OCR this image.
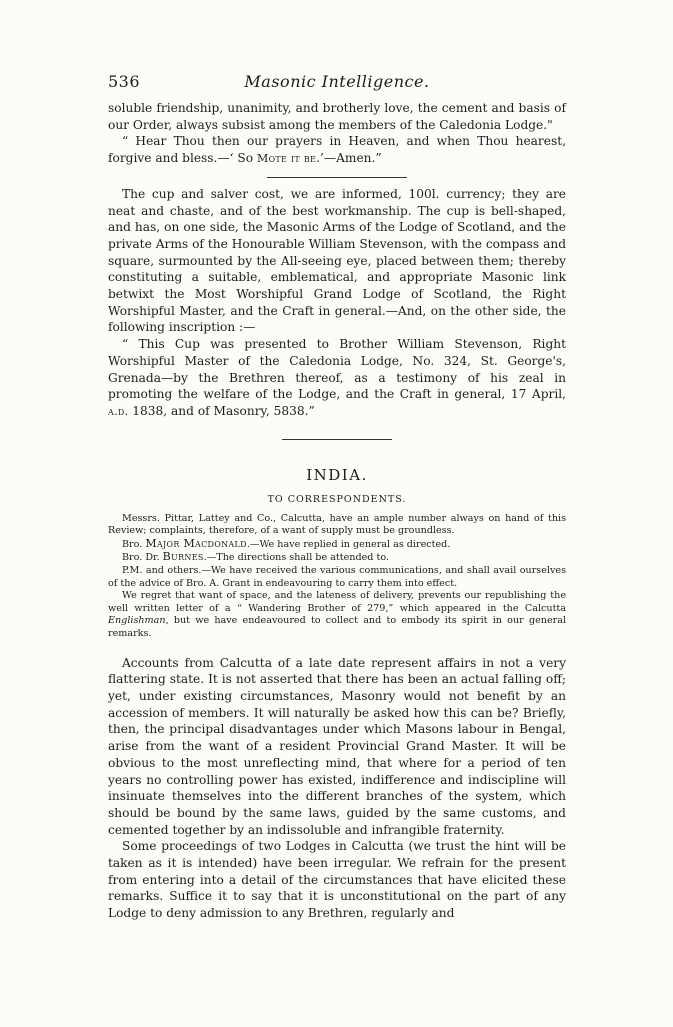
536	Masonic Intelligence.

soluble friendship, unanimity, and brotherly love, the cement and basis of our Order, always subsist among the members of the Caledonia Lodge."

“ Hear Thou then our prayers in Heaven, and when Thou hearest, forgive and bless.—‘ So Mote it be.’—Amen.”

The cup and salver cost, we are informed, 100l. currency; they are neat and chaste, and of the best workmanship. The cup is bell-shaped, and has, on one side, the Masonic Arms of the Lodge of Scotland, and the private Arms of the Honourable William Stevenson, with the compass and square, surmounted by the All-seeing eye, placed between them; thereby constituting a suitable, emblematical, and appropriate Masonic link betwixt the Most Worshipful Grand Lodge of Scotland, the Right Worshipful Master, and the Craft in general.—And, on the other side, the following inscription :—

“ This Cup was presented to Brother William Stevenson, Right Worshipful Master of the Caledonia Lodge, No. 324, St. George's, Grenada—by the Brethren thereof, as a testimony of his zeal in promoting the welfare of the Lodge, and the Craft in general, 17 April, a.d. 1838, and of Masonry, 5838.”

INDIA.
TO CORRESPONDENTS.

Messrs. Pittar, Lattey and Co., Calcutta, have an ample number always on hand of this Review; complaints, therefore, of a want of supply must be groundless.

Bro. Major Macdonald.—We have replied in general as directed.

Bro. Dr. Burnes.—The directions shall be attended to.

P.M. and others.—We have received the various communications, and shall avail ourselves of the advice of Bro. A. Grant in endeavouring to carry them into effect.

We regret that want of space, and the lateness of delivery, prevents our republishing the well written letter of a “ Wandering Brother of 279,” which appeared in the Calcutta Englishman, but we have endeavoured to collect and to embody its spirit in our general remarks.

Accounts from Calcutta of a late date represent affairs in not a very flattering state. It is not asserted that there has been an actual falling off; yet, under existing circumstances, Masonry would not benefit by an accession of members. It will naturally be asked how this can be? Briefly, then, the principal disadvantages under which Masons labour in Bengal, arise from the want of a resident Provincial Grand Master. It will be obvious to the most unreflecting mind, that where for a period of ten years no controlling power has existed, indifference and indiscipline will insinuate themselves into the different branches of the system, which should be bound by the same laws, guided by the same customs, and cemented together by an indissoluble and infrangible fraternity.

Some proceedings of two Lodges in Calcutta (we trust the hint will be taken as it is intended) have been irregular. We refrain for the present from entering into a detail of the circumstances that have elicited these remarks. Suffice it to say that it is unconstitutional on the part of any Lodge to deny admission to any Brethren, regularly and
